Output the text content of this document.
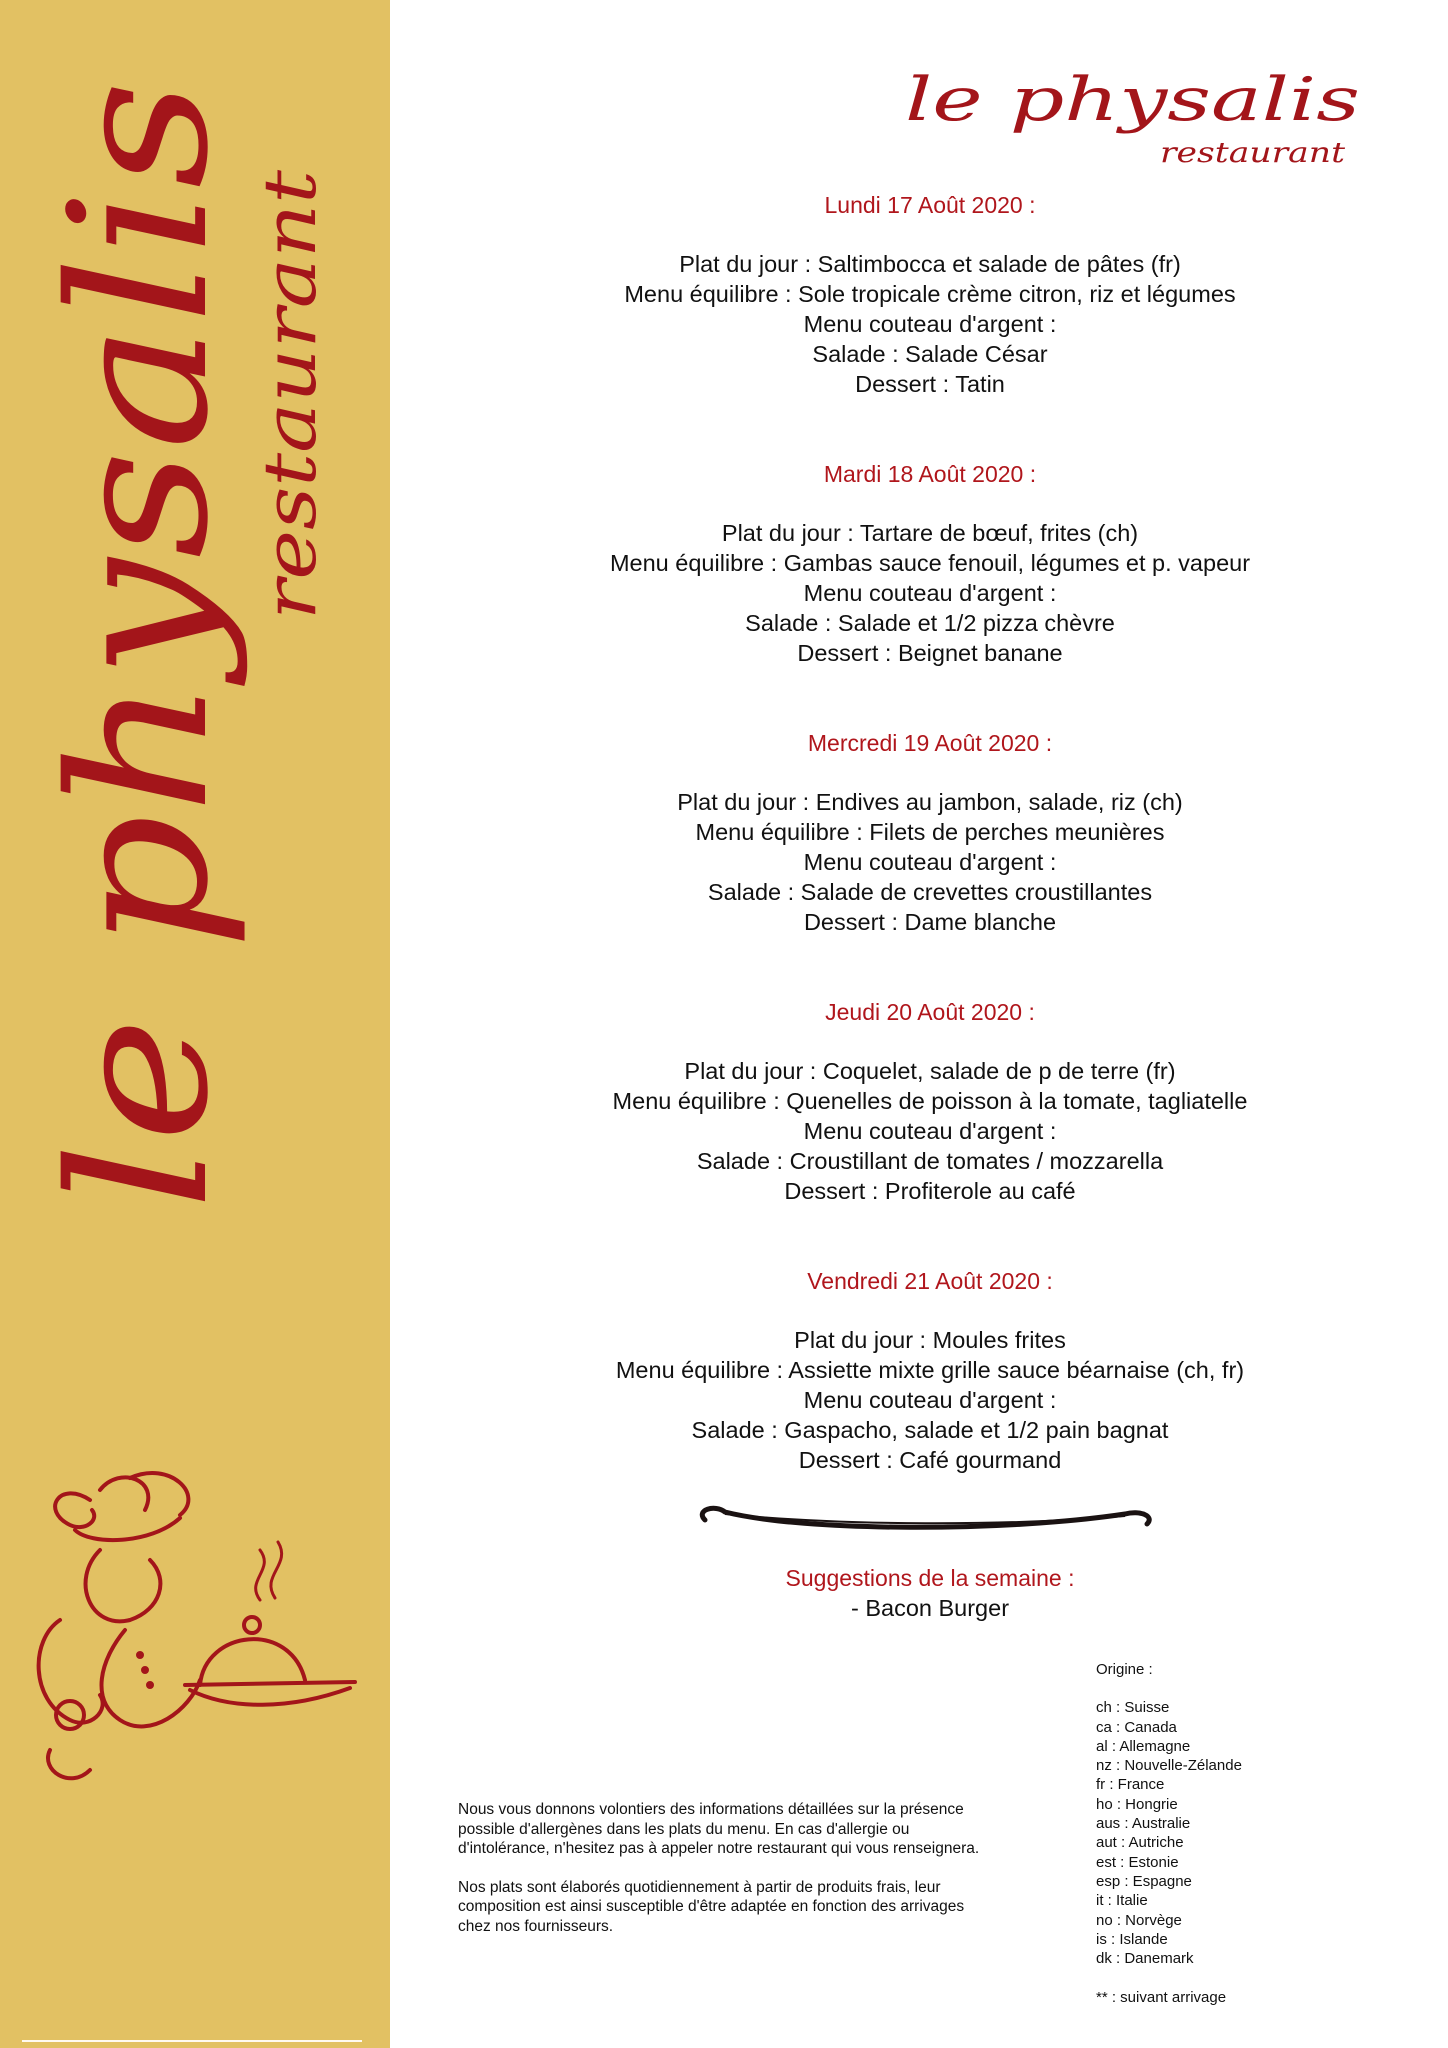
le physalis
restaurant
le physalis
restaurant
Lundi 17 Août 2020 :
Plat du jour : Saltimbocca et salade de pâtes (fr)
Menu équilibre : Sole tropicale crème citron, riz et légumes
Menu couteau d'argent :
Salade : Salade César
Dessert : Tatin
Mardi 18 Août 2020 :
Plat du jour : Tartare de bœuf, frites (ch)
Menu équilibre : Gambas sauce fenouil, légumes et p. vapeur
Menu couteau d'argent :
Salade : Salade et 1/2 pizza chèvre
Dessert : Beignet banane
Mercredi 19 Août 2020 :
Plat du jour : Endives au jambon, salade, riz (ch)
Menu équilibre : Filets de perches meunières
Menu couteau d'argent :
Salade : Salade de crevettes croustillantes
Dessert : Dame blanche
Jeudi 20 Août 2020 :
Plat du jour : Coquelet, salade de p de terre (fr)
Menu équilibre : Quenelles de poisson à la tomate, tagliatelle
Menu couteau d'argent :
Salade : Croustillant de tomates / mozzarella
Dessert : Profiterole au café
Vendredi 21 Août 2020 :
Plat du jour : Moules frites
Menu équilibre : Assiette mixte grille sauce béarnaise (ch, fr)
Menu couteau d'argent :
Salade : Gaspacho, salade et 1/2 pain bagnat
Dessert : Café gourmand
Suggestions de la semaine :
- Bacon Burger

Nous vous donnons volontiers des informations détaillées sur la présence possible d'allergènes dans les plats du menu. En cas d'allergie ou d'intolérance, n'hesitez pas à appeler notre restaurant qui vous renseignera.

Nos plats sont élaborés quotidiennement à partir de produits frais, leur composition est ainsi susceptible d'être adaptée en fonction des arrivages chez nos fournisseurs.

Origine :
ch : Suisse
ca : Canada
al : Allemagne
nz : Nouvelle-Zélande
fr : France
ho : Hongrie
aus : Australie
aut : Autriche
est : Estonie
esp : Espagne
it : Italie
no : Norvège
is : Islande
dk : Danemark
** : suivant arrivage
